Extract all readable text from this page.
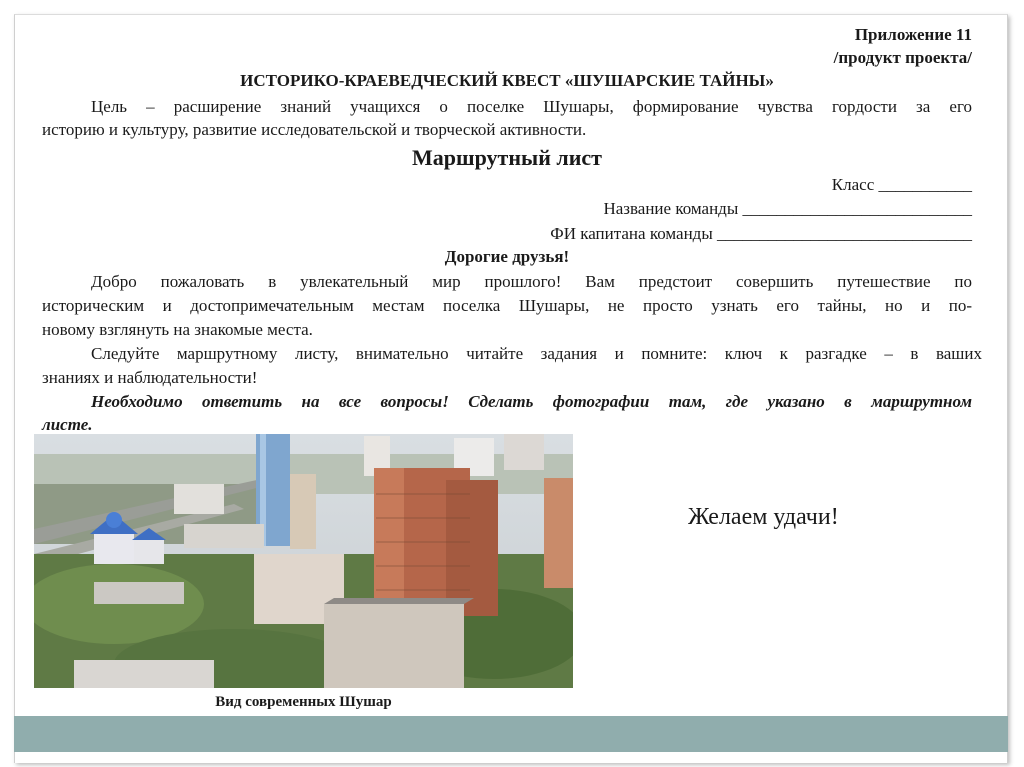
Приложение 11
/продукт проекта/
ИСТОРИКО-КРАЕВЕДЧЕСКИЙ КВЕСТ «ШУШАРСКИЕ ТАЙНЫ»
Цель – расширение знаний учащихся о поселке Шушары, формирование чувства гордости за его
историю и культуру, развитие исследовательской и творческой активности.
Маршрутный лист
Класс ___________
Название команды ___________________________
ФИ капитана команды ______________________________
Дорогие друзья!
Добро пожаловать в увлекательный мир прошлого! Вам предстоит совершить путешествие по
историческим и достопримечательным местам поселка Шушары, не просто узнать его тайны, но и по-
новому взглянуть на знакомые места.
Следуйте маршрутному листу, внимательно читайте задания и помните: ключ к разгадке – в ваших
знаниях и наблюдательности!
Необходимо ответить на все вопросы! Сделать фотографии там, где указано в маршрутном
листе.
Вид современных Шушар
Желаем удачи!
